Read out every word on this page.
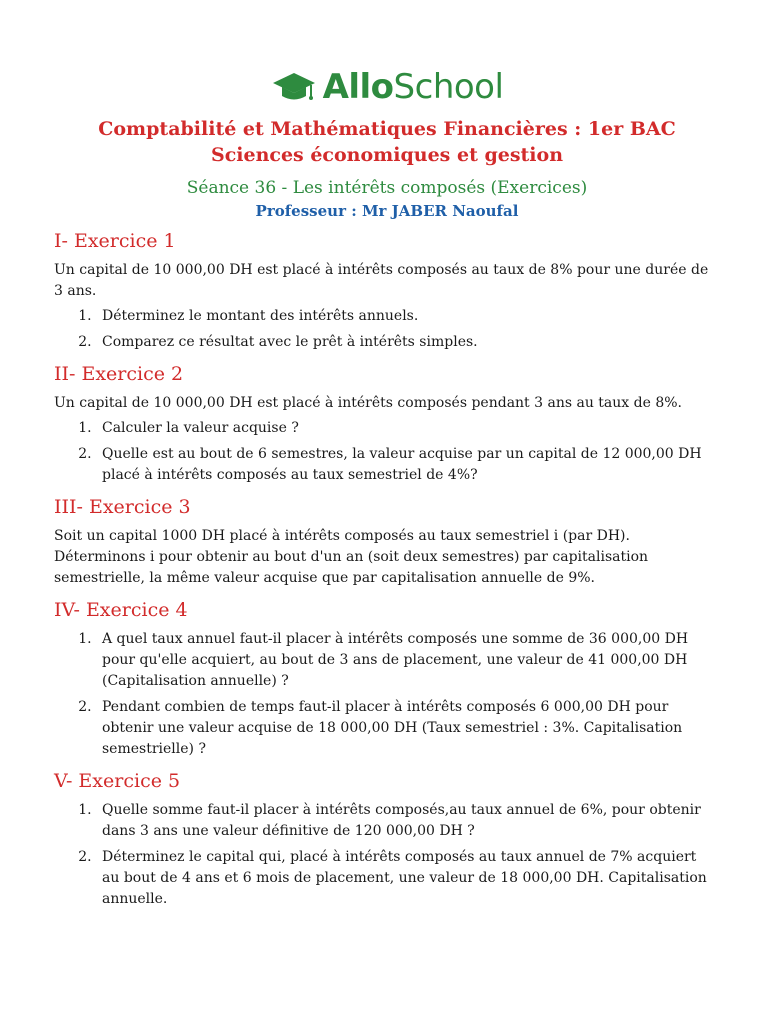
AlloSchool
Comptabilité et Mathématiques Financières : 1er BAC Sciences économiques et gestion
Séance 36 - Les intérêts composés (Exercices)
Professeur : Mr JABER Naoufal
I- Exercice 1

Un capital de 10 000,00 DH est placé à intérêts composés au taux de 8% pour une durée de 3 ans.

1. Déterminez le montant des intérêts annuels.
2. Comparez ce résultat avec le prêt à intérêts simples.
II- Exercice 2

Un capital de 10 000,00 DH est placé à intérêts composés pendant 3 ans au taux de 8%.

1. Calculer la valeur acquise ?
2. Quelle est au bout de 6 semestres, la valeur acquise par un capital de 12 000,00 DH placé à intérêts composés au taux semestriel de 4%?
III- Exercice 3

Soit un capital 1000 DH placé à intérêts composés au taux semestriel i (par DH). Déterminons i pour obtenir au bout d'un an (soit deux semestres) par capitalisation semestrielle, la même valeur acquise que par capitalisation annuelle de 9%.

IV- Exercice 4
1. A quel taux annuel faut-il placer à intérêts composés une somme de 36 000,00 DH pour qu'elle acquiert, au bout de 3 ans de placement, une valeur de 41 000,00 DH (Capitalisation annuelle) ?
2. Pendant combien de temps faut-il placer à intérêts composés 6 000,00 DH pour obtenir une valeur acquise de 18 000,00 DH (Taux semestriel : 3%. Capitalisation semestrielle) ?
V- Exercice 5
1. Quelle somme faut-il placer à intérêts composés,au taux annuel de 6%, pour obtenir dans 3 ans une valeur définitive de 120 000,00 DH ?
2. Déterminez le capital qui, placé à intérêts composés au taux annuel de 7% acquiert au bout de 4 ans et 6 mois de placement, une valeur de 18 000,00 DH. Capitalisation annuelle.
